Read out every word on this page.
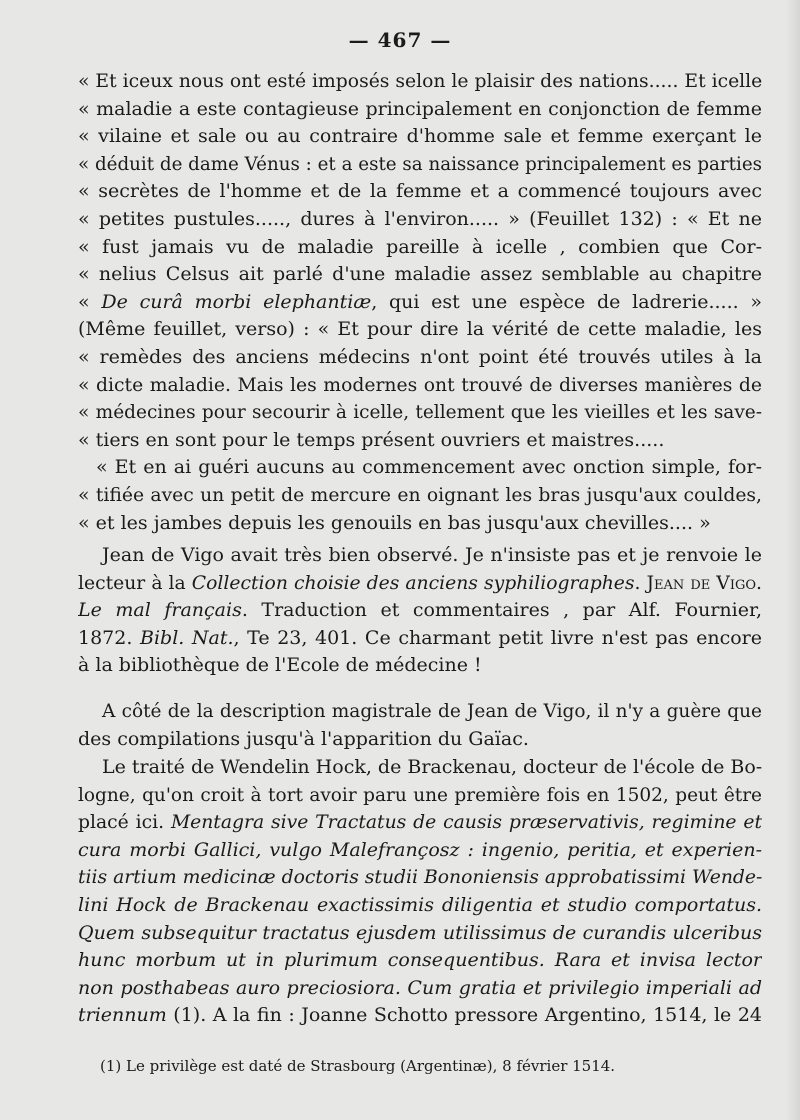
— 467 —
« Et iceux nous ont esté imposés selon le plaisir des nations..... Et icelle
« maladie a este contagieuse principalement en conjonction de femme
« vilaine et sale ou au contraire d'homme sale et femme exerçant le
« déduit de dame Vénus : et a este sa naissance principalement es parties
« secrètes de l'homme et de la femme et a commencé toujours avec
« petites pustules....., dures à l'environ..... » (Feuillet 132) : « Et ne
« fust jamais vu de maladie pareille à icelle , combien que Cor-
« nelius Celsus ait parlé d'une maladie assez semblable au chapitre
« De curâ morbi elephantiæ, qui est une espèce de ladrerie..... »
(Même feuillet, verso) : « Et pour dire la vérité de cette maladie, les
« remèdes des anciens médecins n'ont point été trouvés utiles à la
« dicte maladie. Mais les modernes ont trouvé de diverses manières de
« médecines pour secourir à icelle, tellement que les vieilles et les save-
« tiers en sont pour le temps présent ouvriers et maistres.....
« Et en ai guéri aucuns au commencement avec onction simple, for-
« tifiée avec un petit de mercure en oignant les bras jusqu'aux couldes,
« et les jambes depuis les genouils en bas jusqu'aux chevilles.... »
Jean de Vigo avait très bien observé. Je n'insiste pas et je renvoie le
lecteur à la Collection choisie des anciens syphiliographes. Jean de Vigo.
Le mal français. Traduction et commentaires , par Alf. Fournier,
1872. Bibl. Nat., Te 23, 401. Ce charmant petit livre n'est pas encore
à la bibliothèque de l'Ecole de médecine !
A côté de la description magistrale de Jean de Vigo, il n'y a guère que
des compilations jusqu'à l'apparition du Gaïac.
Le traité de Wendelin Hock, de Brackenau, docteur de l'école de Bo-
logne, qu'on croit à tort avoir paru une première fois en 1502, peut être
placé ici. Mentagra sive Tractatus de causis præservativis, regimine et
cura morbi Gallici, vulgo Malefrançosz : ingenio, peritia, et experien-
tiis artium medicinæ doctoris studii Bononiensis approbatissimi Wende-
lini Hock de Brackenau exactissimis diligentia et studio comportatus.
Quem subsequitur tractatus ejusdem utilissimus de curandis ulceribus
hunc morbum ut in plurimum consequentibus. Rara et invisa lector
non posthabeas auro preciosiora. Cum gratia et privilegio imperiali ad
triennum (1). A la fin : Joanne Schotto pressore Argentino, 1514, le 24
(1) Le privilège est daté de Strasbourg (Argentinæ), 8 février 1514.
